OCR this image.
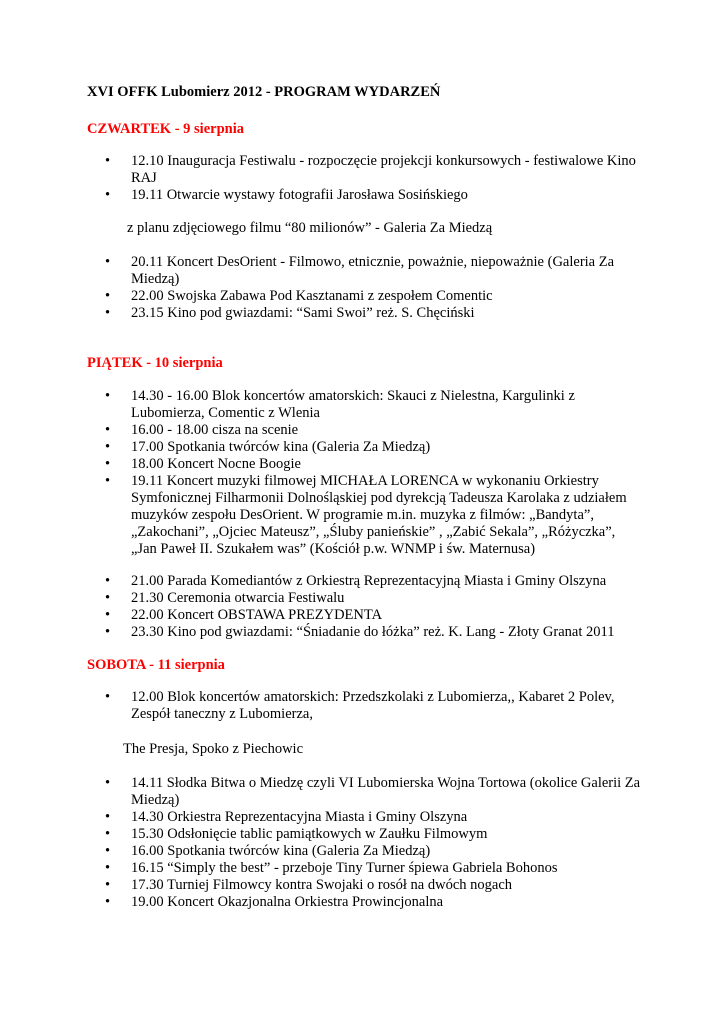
XVI OFFK Lubomierz 2012 - PROGRAM WYDARZEŃ
CZWARTEK - 9 sierpnia
• 12.10 Inauguracja Festiwalu - rozpoczęcie projekcji konkursowych - festiwalowe Kino RAJ
• 19.11 Otwarcie wystawy fotografii Jarosława Sosińskiego
z planu zdjęciowego filmu “80 milionów” - Galeria Za Miedzą
• 20.11 Koncert DesOrient - Filmowo, etnicznie, poważnie, niepoważnie (Galeria Za Miedzą)
• 22.00 Swojska Zabawa Pod Kasztanami z zespołem Comentic
• 23.15 Kino pod gwiazdami: “Sami Swoi” reż. S. Chęciński
PIĄTEK - 10 sierpnia
• 14.30 - 16.00 Blok koncertów amatorskich: Skauci z Nielestna, Kargulinki z Lubomierza, Comentic z Wlenia
• 16.00 - 18.00 cisza na scenie
• 17.00 Spotkania twórców kina (Galeria Za Miedzą)
• 18.00 Koncert Nocne Boogie
• 19.11 Koncert muzyki filmowej MICHAŁA LORENCA w wykonaniu Orkiestry Symfonicznej Filharmonii Dolnośląskiej pod dyrekcją Tadeusza Karolaka z udziałem muzyków zespołu DesOrient. W programie m.in. muzyka z filmów: „Bandyta”, „Zakochani”, „Ojciec Mateusz”, „Śluby panieńskie” , „Zabić Sekala”, „Różyczka”, „Jan Paweł II. Szukałem was” (Kościół p.w. WNMP i św. Maternusa)
• 21.00 Parada Komediantów z Orkiestrą Reprezentacyjną Miasta i Gminy Olszyna
• 21.30 Ceremonia otwarcia Festiwalu
• 22.00 Koncert OBSTAWA PREZYDENTA
• 23.30 Kino pod gwiazdami: “Śniadanie do łóżka” reż. K. Lang - Złoty Granat 2011
SOBOTA - 11 sierpnia
• 12.00 Blok koncertów amatorskich: Przedszkolaki z Lubomierza,, Kabaret 2 Polev, Zespół taneczny z Lubomierza,
The Presja, Spoko z Piechowic
• 14.11 Słodka Bitwa o Miedzę czyli VI Lubomierska Wojna Tortowa (okolice Galerii Za Miedzą)
• 14.30 Orkiestra Reprezentacyjna Miasta i Gminy Olszyna
• 15.30 Odsłonięcie tablic pamiątkowych w Zaułku Filmowym
• 16.00 Spotkania twórców kina (Galeria Za Miedzą)
• 16.15 “Simply the best” - przeboje Tiny Turner śpiewa Gabriela Bohonos
• 17.30 Turniej Filmowcy kontra Swojaki o rosół na dwóch nogach
• 19.00 Koncert Okazjonalna Orkiestra Prowincjonalna
